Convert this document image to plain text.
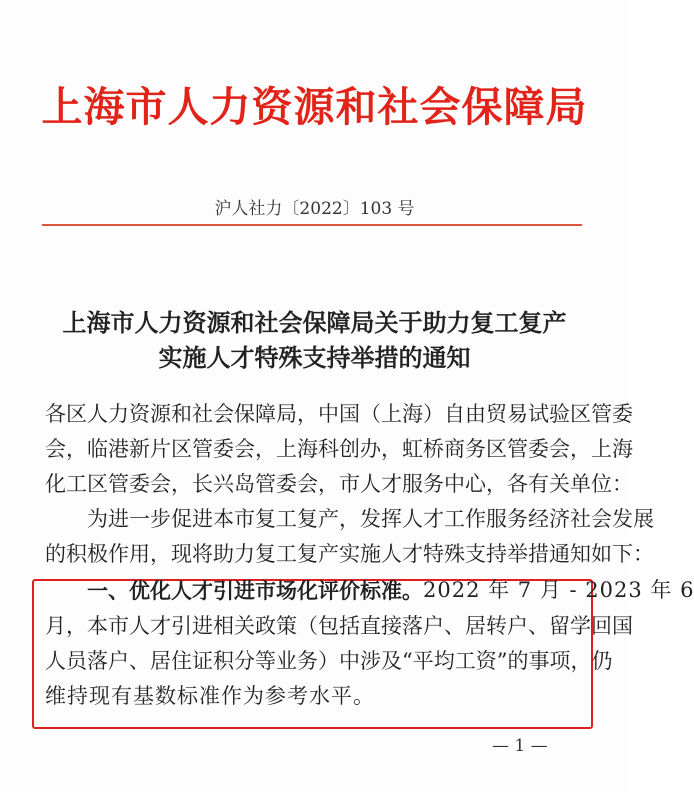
上海市人力资源和社会保障局
沪人社力〔2022〕103 号
上海市人力资源和社会保障局关于助力复工复产
实施人才特殊支持举措的通知
各区人力资源和社会保障局，中国（上海）自由贸易试验区管委
会，临港新片区管委会，上海科创办，虹桥商务区管委会，上海
化工区管委会，长兴岛管委会，市人才服务中心，各有关单位：
　　为进一步促进本市复工复产，发挥人才工作服务经济社会发展
的积极作用，现将助力复工复产实施人才特殊支持举措通知如下：
　　一、优化人才引进市场化评价标准。 2022 年 7 月 - 2023 年 6
月，本市人才引进相关政策（包括直接落户、居转户、留学回国
人员落户、居住证积分等业务）中涉及“平均工资”的事项，仍
维持现有基数标准作为参考水平。
— 1 —
